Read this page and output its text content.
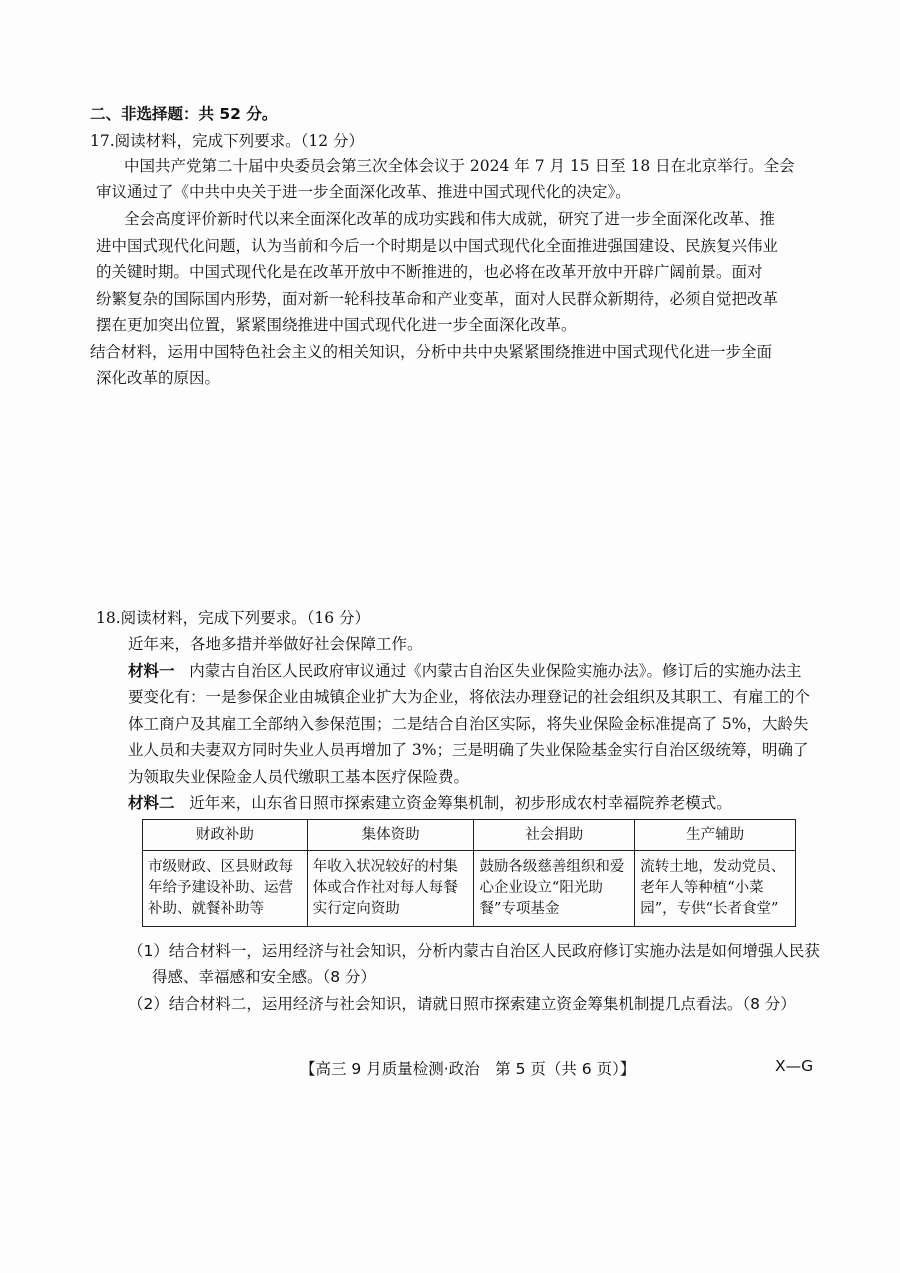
二、非选择题：共 52 分。
17.阅读材料，完成下列要求。（12 分）
中国共产党第二十届中央委员会第三次全体会议于 2024 年 7 月 15 日至 18 日在北京举行。全会
审议通过了《中共中央关于进一步全面深化改革、推进中国式现代化的决定》。
全会高度评价新时代以来全面深化改革的成功实践和伟大成就，研究了进一步全面深化改革、推
进中国式现代化问题，认为当前和今后一个时期是以中国式现代化全面推进强国建设、民族复兴伟业
的关键时期。中国式现代化是在改革开放中不断推进的，也必将在改革开放中开辟广阔前景。面对
纷繁复杂的国际国内形势，面对新一轮科技革命和产业变革，面对人民群众新期待，必须自觉把改革
摆在更加突出位置，紧紧围绕推进中国式现代化进一步全面深化改革。
结合材料，运用中国特色社会主义的相关知识，分析中共中央紧紧围绕推进中国式现代化进一步全面
深化改革的原因。
18.阅读材料，完成下列要求。（16 分）
近年来，各地多措并举做好社会保障工作。
材料一 内蒙古自治区人民政府审议通过《内蒙古自治区失业保险实施办法》。修订后的实施办法主
要变化有：一是参保企业由城镇企业扩大为企业，将依法办理登记的社会组织及其职工、有雇工的个
体工商户及其雇工全部纳入参保范围；二是结合自治区实际，将失业保险金标准提高了 5%，大龄失
业人员和夫妻双方同时失业人员再增加了 3%；三是明确了失业保险基金实行自治区级统筹，明确了
为领取失业保险金人员代缴职工基本医疗保险费。
材料二 近年来，山东省日照市探索建立资金筹集机制，初步形成农村幸福院养老模式。
财政补助	集体资助	社会捐助	生产辅助
市级财政、区县财政每年给予建设补助、运营补助、就餐补助等	年收入状况较好的村集体或合作社对每人每餐实行定向资助	鼓励各级慈善组织和爱心企业设立“阳光助餐”专项基金	流转土地，发动党员、老年人等种植“小菜园”，专供“长者食堂”
（1）结合材料一，运用经济与社会知识，分析内蒙古自治区人民政府修订实施办法是如何增强人民获
得感、幸福感和安全感。（8 分）
（2）结合材料二，运用经济与社会知识，请就日照市探索建立资金筹集机制提几点看法。（8 分）
【高三 9 月质量检测·政治　第 5 页（共 6 页）】	X—G
